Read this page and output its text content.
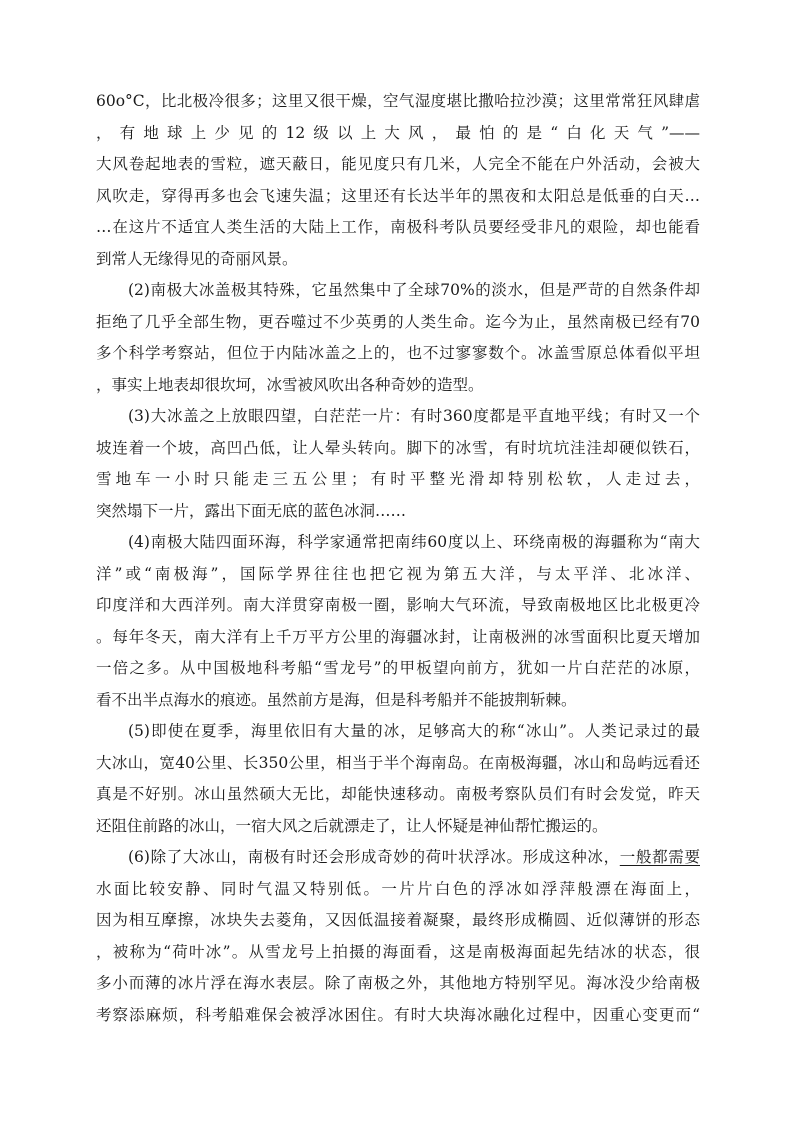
60o°C，比北极冷很多；这里又很干燥，空气湿度堪比撒哈拉沙漠；这里常常狂风肆虐
，有地球上少见的12级以上大风，最怕的是“白化天气”——
大风卷起地表的雪粒，遮天蔽日，能见度只有几米，人完全不能在户外活动，会被大
风吹走，穿得再多也会飞速失温；这里还有长达半年的黑夜和太阳总是低垂的白天…
…在这片不适宜人类生活的大陆上工作，南极科考队员要经受非凡的艰险，却也能看
到常人无缘得见的奇丽风景。
(2)南极大冰盖极其特殊，它虽然集中了全球70%的淡水，但是严苛的自然条件却
拒绝了几乎全部生物，更吞噬过不少英勇的人类生命。迄今为止，虽然南极已经有70
多个科学考察站，但位于内陆冰盖之上的，也不过寥寥数个。冰盖雪原总体看似平坦
，事实上地表却很坎坷，冰雪被风吹出各种奇妙的造型。
(3)大冰盖之上放眼四望，白茫茫一片：有时360度都是平直地平线；有时又一个
坡连着一个坡，高凹凸低，让人晕头转向。脚下的冰雪，有时坑坑洼洼却硬似铁石，
雪地车一小时只能走三五公里；有时平整光滑却特别松软，人走过去，
突然塌下一片，露出下面无底的蓝色冰洞……
(4)南极大陆四面环海，科学家通常把南纬60度以上、环绕南极的海疆称为“南大
洋”或“南极海”，国际学界往往也把它视为第五大洋，与太平洋、北冰洋、
印度洋和大西洋列。南大洋贯穿南极一圈，影响大气环流，导致南极地区比北极更冷
。每年冬天，南大洋有上千万平方公里的海疆冰封，让南极洲的冰雪面积比夏天增加
一倍之多。从中国极地科考船“雪龙号”的甲板望向前方，犹如一片白茫茫的冰原，
看不出半点海水的痕迹。虽然前方是海，但是科考船并不能披荆斩棘。
(5)即使在夏季，海里依旧有大量的冰，足够高大的称“冰山”。人类记录过的最
大冰山，宽40公里、长350公里，相当于半个海南岛。在南极海疆，冰山和岛屿远看还
真是不好别。冰山虽然硕大无比，却能快速移动。南极考察队员们有时会发觉，昨天
还阻住前路的冰山，一宿大风之后就漂走了，让人怀疑是神仙帮忙搬运的。
(6)除了大冰山，南极有时还会形成奇妙的荷叶状浮冰。形成这种冰，一般都需要
水面比较安静、同时气温又特别低。一片片白色的浮冰如浮萍般漂在海面上，
因为相互摩擦，冰块失去菱角，又因低温接着凝聚，最终形成椭圆、近似薄饼的形态
，被称为“荷叶冰”。从雪龙号上拍摄的海面看，这是南极海面起先结冰的状态，很
多小而薄的冰片浮在海水表层。除了南极之外，其他地方特别罕见。海冰没少给南极
考察添麻烦，科考船难保会被浮冰困住。有时大块海冰融化过程中，因重心变更而“
